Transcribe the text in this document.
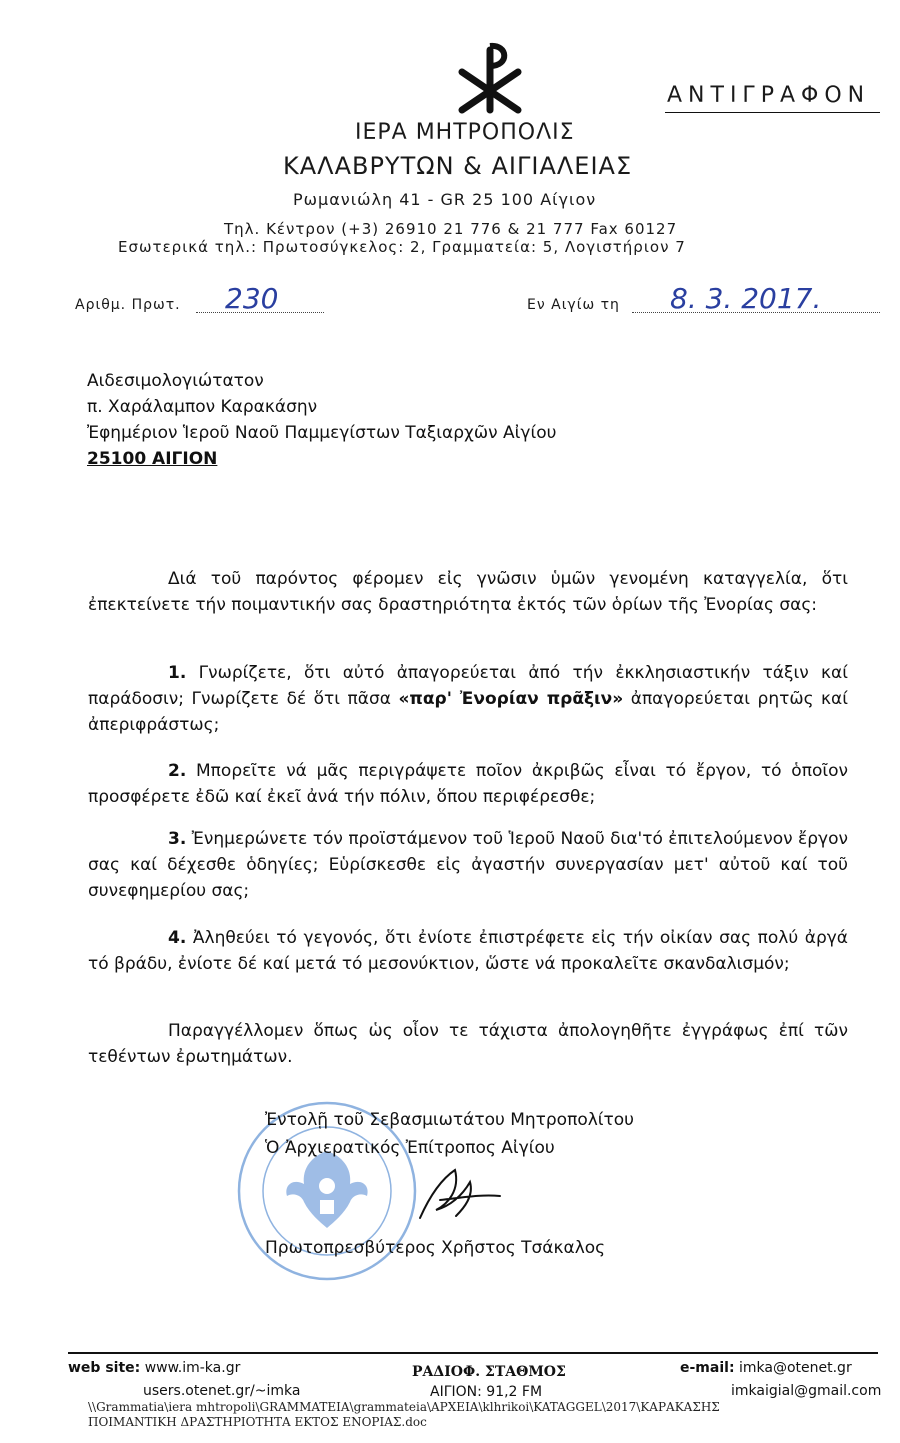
ΑΝΤΙΓΡΑΦΟΝ
ΙΕΡΑ ΜΗΤΡΟΠΟΛΙΣ
ΚΑΛΑΒΡΥΤΩΝ & ΑΙΓΙΑΛΕΙΑΣ
Ρωμανιώλη 41 - GR 25 100 Αίγιον
Τηλ. Κέντρον (+3) 26910 21 776 & 21 777 Fax 60127
Εσωτερικά τηλ.: Πρωτοσύγκελος: 2, Γραμματεία: 5, Λογιστήριον 7
Αριθμ. Πρωτ. 230	Εν Αιγίω τη 8. 3. 2017.
Αιδεσιμολογιώτατον
π. Χαράλαμπον Καρακάσην
Ἐφημέριον Ἱεροῦ Ναοῦ Παμμεγίστων Ταξιαρχῶν Αἰγίου
25100 ΑΙΓΙΟΝ

Διά τοῦ παρόντος φέρομεν εἰς γνῶσιν ὑμῶν γενομένη καταγγελία, ὅτι ἐπεκτείνετε τήν ποιμαντικήν σας δραστηριότητα ἐκτός τῶν ὁρίων τῆς Ἐνορίας σας:

1. Γνωρίζετε, ὅτι αὐτό ἀπαγορεύεται ἀπό τήν ἐκκλησιαστικήν τάξιν καί παράδοσιν; Γνωρίζετε δέ ὅτι πᾶσα «παρ' Ἐνορίαν πρᾶξιν» ἀπαγορεύεται ρητῶς καί ἀπεριφράστως;

2. Μπορεῖτε νά μᾶς περιγράψετε ποῖον ἀκριβῶς εἶναι τό ἔργον, τό ὁποῖον προσφέρετε ἐδῶ καί ἐκεῖ ἀνά τήν πόλιν, ὅπου περιφέρεσθε;

3. Ἐνημερώνετε τόν προϊστάμενον τοῦ Ἱεροῦ Ναοῦ δια'τό ἐπιτελούμενον ἔργον σας καί δέχεσθε ὁδηγίες; Εὑρίσκεσθε εἰς ἀγαστήν συνεργασίαν μετ' αὐτοῦ καί τοῦ συνεφημερίου σας;

4. Ἀληθεύει τό γεγονός, ὅτι ἐνίοτε ἐπιστρέφετε εἰς τήν οἰκίαν σας πολύ ἀργά τό βράδυ, ἐνίοτε δέ καί μετά τό μεσονύκτιον, ὥστε νά προκαλεῖτε σκανδαλισμόν;

Παραγγέλλομεν ὅπως ὡς οἷον τε τάχιστα ἀπολογηθῆτε ἐγγράφως ἐπί τῶν τεθέντων ἐρωτημάτων.

Ἐντολῇ τοῦ Σεβασμιωτάτου Μητροπολίτου
Ὁ Ἀρχιερατικός Ἐπίτροπος Αἰγίου
Πρωτοπρεσβύτερος Χρῆστος Τσάκαλος
web site: www.im-ka.gr
users.otenet.gr/~imka
ΡΑΔΙΟΦ. ΣΤΑΘΜΟΣ
ΑΙΓΙΟΝ: 91,2 FM
e-mail: imka@otenet.gr
imkaigial@gmail.com
\\Grammatia\iera mhtropoli\GRAMMATEIA\grammateia\ΑΡΧΕΙΑ\klhrikoi\KATAGGEL\2017\ΚΑΡΑΚΑΣΗΣ
ΠΟΙΜΑΝΤΙΚΗ ΔΡΑΣΤΗΡΙΟΤΗΤΑ ΕΚΤΟΣ ΕΝΟΡΙΑΣ.doc
